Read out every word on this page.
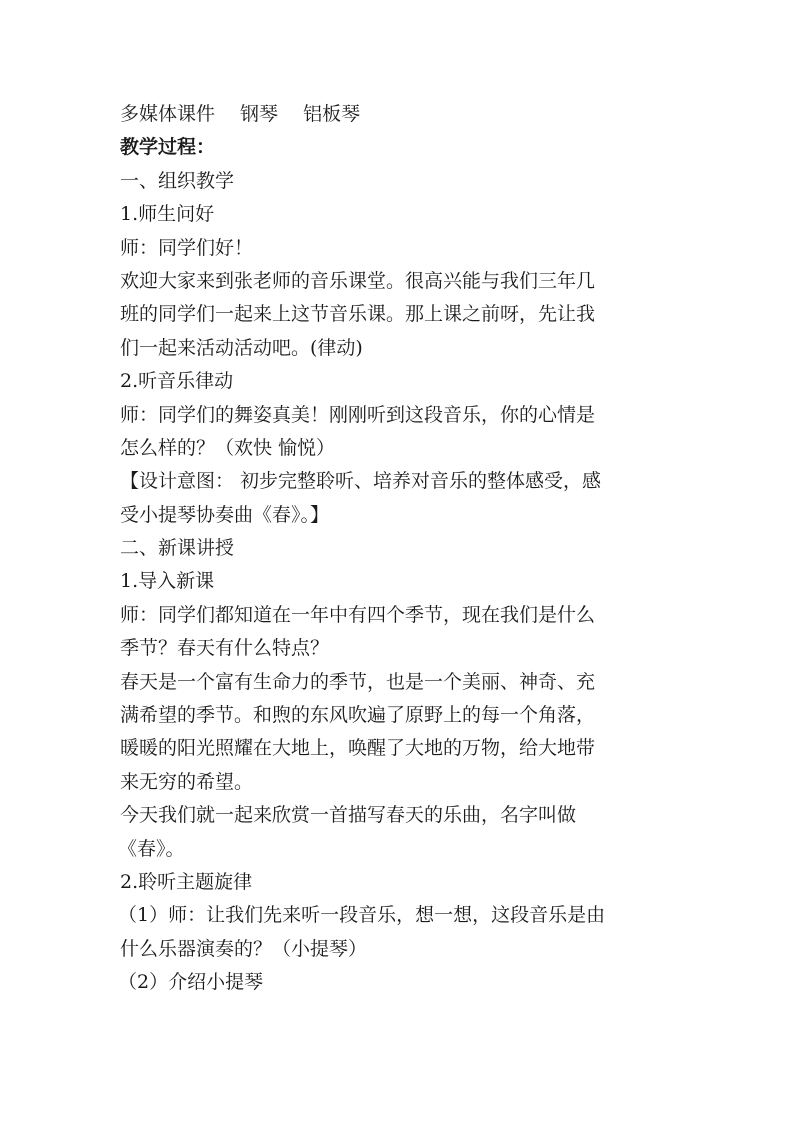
多媒体课件　 钢琴　 铝板琴
教学过程：
一、组织教学
1.师生问好
师：同学们好！
欢迎大家来到张老师的音乐课堂。很高兴能与我们三年几
班的同学们一起来上这节音乐课。那上课之前呀，先让我
们一起来活动活动吧。(律动)
2.听音乐律动
师：同学们的舞姿真美！刚刚听到这段音乐，你的心情是
怎么样的？（欢快 愉悦）
【设计意图： 初步完整聆听、培养对音乐的整体感受，感
受小提琴协奏曲《春》。】
二、新课讲授
1.导入新课
师：同学们都知道在一年中有四个季节，现在我们是什么
季节？春天有什么特点？
春天是一个富有生命力的季节，也是一个美丽、神奇、充
满希望的季节。和煦的东风吹遍了原野上的每一个角落，
暖暖的阳光照耀在大地上，唤醒了大地的万物，给大地带
来无穷的希望。
今天我们就一起来欣赏一首描写春天的乐曲，名字叫做
《春》。
2.聆听主题旋律
（1）师：让我们先来听一段音乐，想一想，这段音乐是由
什么乐器演奏的？（小提琴）
（2）介绍小提琴
